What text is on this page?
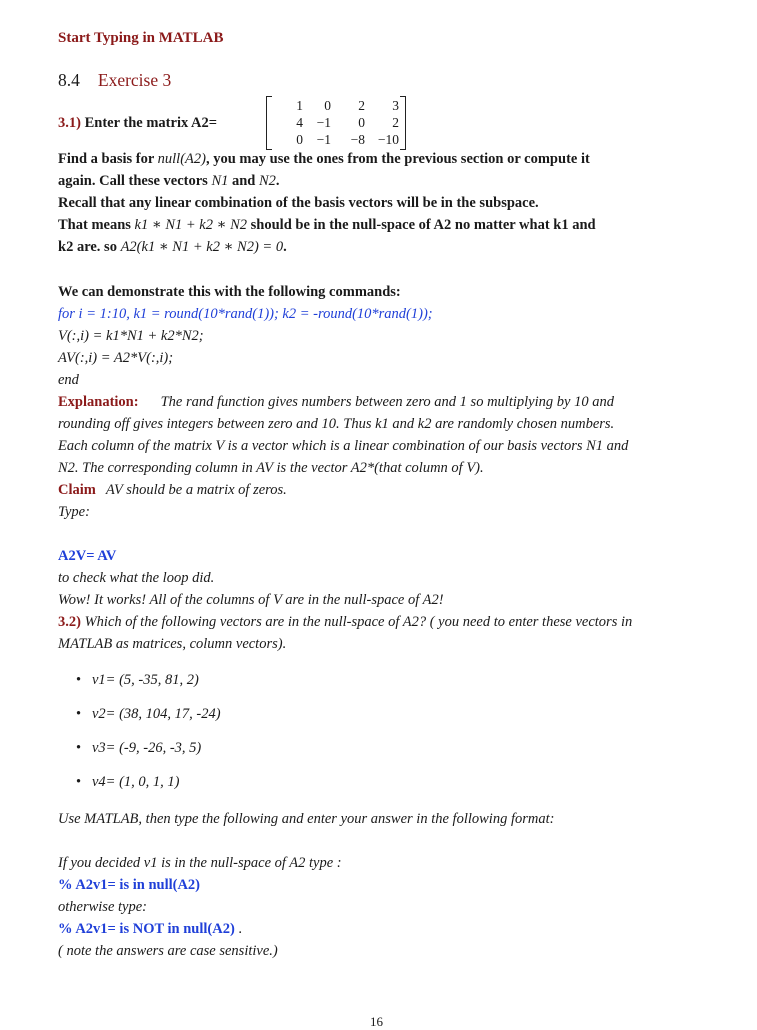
Start Typing in MATLAB
8.4 Exercise 3
3.1) Enter the matrix A2=
1	0	2	3
4	−1	0	2
0	−1	−8 −10
Find a basis for null(A2), you may use the ones from the previous section or compute it
again. Call these vectors N1 and N2.
Recall that any linear combination of the basis vectors will be in the subspace.
That means k1 ∗ N1 + k2 ∗ N2 should be in the null-space of A2 no matter what k1 and
k2 are. so A2(k1 ∗ N1 + k2 ∗ N2) = 0.
We can demonstrate this with the following commands:
for i = 1:10, k1 = round(10*rand(1)); k2 = -round(10*rand(1));
V(:,i) = k1*N1 + k2*N2;
AV(:,i) = A2*V(:,i);
end
Explanation: The rand function gives numbers between zero and 1 so multiplying by 10 and
rounding off gives integers between zero and 10. Thus k1 and k2 are randomly chosen numbers.
Each column of the matrix V is a vector which is a linear combination of our basis vectors N1 and
N2. The corresponding column in AV is the vector A2*(that column of V).
Claim AV should be a matrix of zeros.
Type:
A2V= AV
to check what the loop did.
Wow! It works! All of the columns of V are in the null-space of A2!
3.2) Which of the following vectors are in the null-space of A2? ( you need to enter these vectors in
MATLAB as matrices, column vectors).
• v1= (5, -35, 81, 2)
• v2= (38, 104, 17, -24)
• v3= (-9, -26, -3, 5)
• v4= (1, 0, 1, 1)
Use MATLAB, then type the following and enter your answer in the following format:
If you decided v1 is in the null-space of A2 type :
% A2v1= is in null(A2)
otherwise type:
% A2v1= is NOT in null(A2) .
( note the answers are case sensitive.)
16
